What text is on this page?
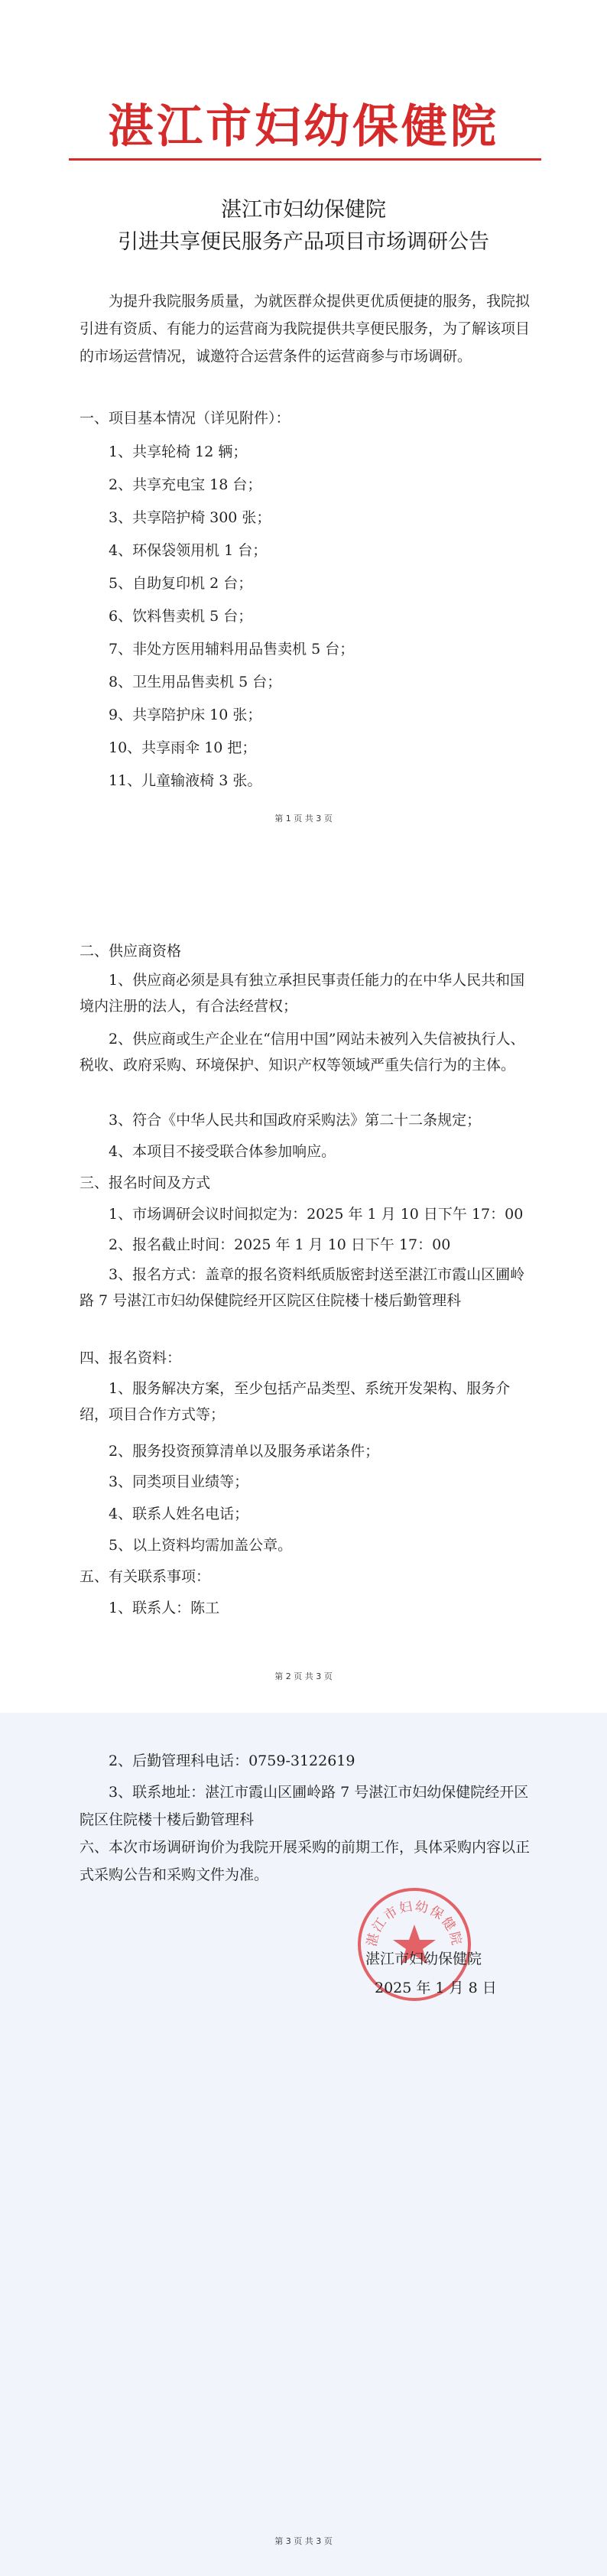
湛江市妇幼保健院
湛江市妇幼保健院
引进共享便民服务产品项目市场调研公告

为提升我院服务质量，为就医群众提供更优质便捷的服务，我院拟引进有资质、有能力的运营商为我院提供共享便民服务，为了解该项目的市场运营情况，诚邀符合运营条件的运营商参与市场调研。

一、项目基本情况（详见附件）：
1、共享轮椅 12 辆；
2、共享充电宝 18 台；
3、共享陪护椅 300 张；
4、环保袋领用机 1 台；
5、自助复印机 2 台；
6、饮料售卖机 5 台；
7、非处方医用辅料用品售卖机 5 台；
8、卫生用品售卖机 5 台；
9、共享陪护床 10 张；
10、共享雨伞 10 把；
11、儿童输液椅 3 张。
第 1 页 共 3 页
二、供应商资格

1、供应商必须是具有独立承担民事责任能力的在中华人民共和国境内注册的法人，有合法经营权；

2、供应商或生产企业在“信用中国”网站未被列入失信被执行人、税收、政府采购、环境保护、知识产权等领域严重失信行为的主体。

3、符合《中华人民共和国政府采购法》第二十二条规定；
4、本项目不接受联合体参加响应。
三、报名时间及方式
1、市场调研会议时间拟定为：2025 年 1 月 10 日下午 17：00
2、报名截止时间：2025 年 1 月 10 日下午 17：00

3、报名方式：盖章的报名资料纸质版密封送至湛江市霞山区圃岭路 7 号湛江市妇幼保健院经开区院区住院楼十楼后勤管理科

四、报名资料：

1、服务解决方案，至少包括产品类型、系统开发架构、服务介绍，项目合作方式等；

2、服务投资预算清单以及服务承诺条件；
3、同类项目业绩等；
4、联系人姓名电话；
5、以上资料均需加盖公章。
五、有关联系事项：
1、联系人：陈工
第 2 页 共 3 页
2、后勤管理科电话：0759-3122619

3、联系地址：湛江市霞山区圃岭路 7 号湛江市妇幼保健院经开区院区住院楼十楼后勤管理科

六、本次市场调研询价为我院开展采购的前期工作，具体采购内容以正式采购公告和采购文件为准。

第 3 页 共 3 页
湛江市妇幼保健院
湛江市妇幼保健院
2025 年 1 月 8 日
